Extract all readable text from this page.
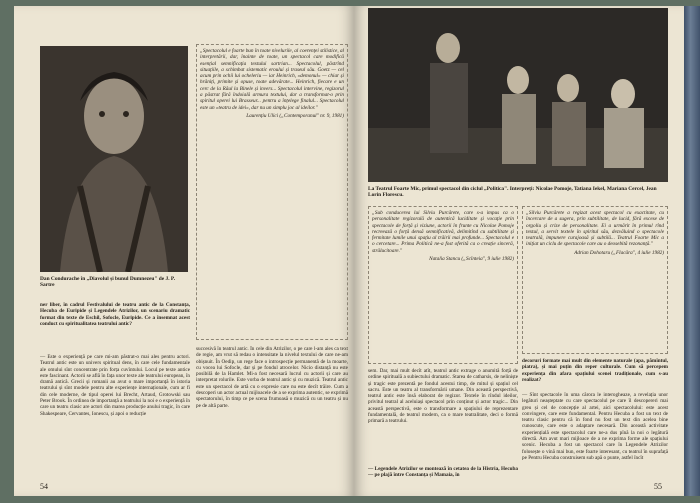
Dan Condurache în „Diavolul și bunul Dumnezeu" de J. P. Sartre

„Spectacolul e foarte bun în toate nivelurile, al coerenței stilistice, al interpretării, dar, înainte de toate, un spectacol care modifică esențial semnificația textului sartrian... Spectacolul, păstrînd situațiile, a schimbat sistematic eroului și traseul său. Goetz — cel acum prin ochii lui ocheleriu — iar Heinrich, «demonul» — chiar și hrăniți, primite și opuse, toate adevărate... Heinrich, fiecare e un cerc de la Răul la Binele și invers... Spectacolul intervine, regizorul a păstrat fără îndoială armura textului, dar a transformat-o prin spiritul operei lui Brasseur... pentru a înțelege finalul... Spectacolul este un «teatru de idei», dar nu un simplu joc al ideilor."

Laurențiu Ulici („Contemporanul" nr. 9, 1981)

ner liber, în cadrul Festivalului de teatru antic de la Constanța, Hecuba de Euripide și Legendele Atrizilor, un scenariu dramatic format din texte de Eschil, Sofocle, Euripide. Ce a însemnat acest conduct cu spiritualitatea teatrului antic?

— Este o experiență pe care mi-am păstrat-o mai ales pentru actori. Teatrul antic este un univers spiritual dens, în care cele fundamentale ale omului sînt concentrate prin forța cuvîntului. Locul pe texte antice este fascinant. Actorii se află în fața unor texte ale teatrului european, în dramă antică. Grecii și romanii au avut o mare importanță în istoria teatrului și sînt modele pentru alte experiențe internaționale, cum ar fi din cele moderne, de tipul operei lui Brecht, Artaud, Grotowski sau Peter Brook. În ordinea de importanță a teatrului la noi e o experiență în care un teatru clasic are actori din marea producție anului tragic, în care Shakespeare, Cervantes, Ionescu, și apoi o reducție

succesivă în teatrul antic. În cele din Atrizilor, o pe care l-am ales ca text de regie, am vrut să redau o intensitate la nivelul textului de care ne-am obișnuit. În Oedip, un rege face o introspecție permanentă de la moarte, cu vocea lui Sofocle, dar și pe fondul atrocelor. Nicio distanță nu este posibilă de la Hamlet. Mi-a fost necesară lucrul cu actorii și care au interpretat rolurile. Este vorba de teatrul antic și cu muzică. Teatrul antic este un spectacol de artă cu o expresie care nu este decît trăire. Cum a descoperi un actor actual mijloacele de a se exprima autentic, se exprimă spectatorului, în timp ce pe scena frumoasă o muzică cu un teatru și nu pe de altă parte.

54

La Teatrul Foarte Mic, primul spectacol din ciclul „Politica". Interpreți: Nicolae Pomoje, Tatiana Iekel, Mariana Cercel, Jean Lorin Florescu.

„Sub conducerea lui Silviu Purcărete, care s-a impus ca o personalitate regizorală de autentică luciditate și vocație prin spectacole de forță și viziune, actorii în frunte cu Nicolae Pomoje recreează o forță densă semnificativă, delimitînd cu subtilitate și fermitate lumile unui spațiu al trăirii mai profunde... Spectacolul e o cercetare... Prima Politică ne-a fost oferită ca o creație sinceră, strălucitoare."

Natalia Stancu („Scînteia", 9 iulie 1982)

„Silviu Purcărete a regizat acest spectacol cu exactitate, cu încercare de a sugera, prin subtilitate, de lucid, fără excese de orgoliu și crize de personalitate. Ei a urmărit în primul rînd textul, a servit textele în spiritul său, dezvăluind o spectacole teatrală, impunere curajoasă și subtilă... Teatrul Foarte Mic a inițiat un ciclu de spectacole care au o deosebită rezonanță."

Adrian Dohotaru („Flacăra", 4 iulie 1982)

sem. Dar, mai mult decît atît, teatrul antic extrage o anumită forță de ordine spirituală a subiectului dramatic. Starea de catharsis, de neliniște și tragic este prezentă pe fondul acestui timp, de mitul și spațiul cel sacru. Este un teatru al transformării umane. Din această perspectivă, teatrul antic este însă elaborat de regizor. Textele în rîndul ideilor, privitul teatral al aceluiași spectacol prin conținut și actor tragic... Din această perspectivă, este o transformare a spațiului de reprezentare fundamentală, de teatrul modern, ca o mare teatralitate, deci o formă primară a teatrului.

— Legendele Atrizilor se montează în cetatea de la Histria, Hecuba — pe plajă între Constanța și Mamaia, în

decoruri formate mai mult din elemente naturale (apa, pămîntul, piatra), și mai puțin din reper culturale. Cum să percepem experiența din afara spațiului scenei tradiționale, cum s-au realizat?

— Sînt spectacole în uma cărora le interogheaze, a revelația unor legături neașteptate cu care spectacolul pe care îl descopereri mai greu și cel de concepție al artei, aici spectacolului: este acest convingere, care este fundamental. Pentru Hecuba a fost un text de teatru clasic pentru că în fond nu fost un text din acelea bine cunoscute, care este o adaptare necesară. Din această activitate experiențială este spectacolul care ne-a dus pînă la noi o legătură directă. Am avut mari mijloace de a ne exprima forme ale spațiului scenic. Hecuba a fost un spectacol care în Legendele Atrizilor folosește o vină mai bun, este foarte interesant, cu teatrul în suprafață pe Pentru Hecuba construisem sub apă o punte, astfel încît

55
